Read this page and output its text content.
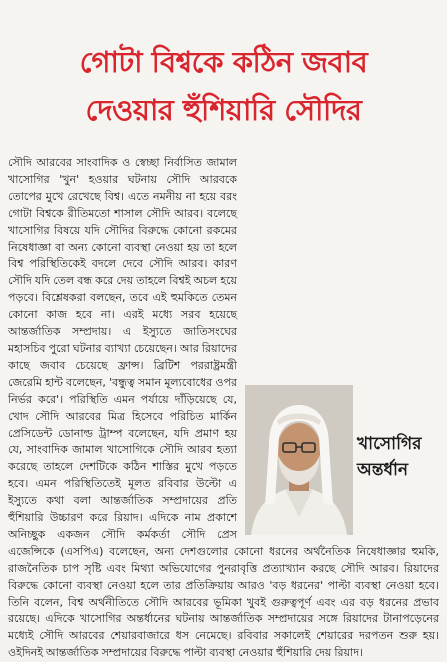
গোটা বিশ্বকে কঠিন জবাব
দেওয়ার হুঁশিয়ারি সৌদির
খাসোগির
অন্তর্ধান

সৌদি আরবের সাংবাদিক ও স্বেচ্ছা নির্বাসিত জামাল খাসোগির 'খুন' হওয়ার ঘটনায় সৌদি আরবকে তোপের মুখে রেখেছে বিশ্ব। এতে নমনীয় না হয়ে বরং গোটা বিশ্বকে রীতিমতো শাসাল সৌদি আরব। বলেছে খাসোগির বিষয়ে যদি সৌদির বিরুদ্ধে কোনো রকমের নিষেধাজ্ঞা বা অন্য কোনো ব্যবস্থা নেওয়া হয় তা হলে বিশ্ব পরিস্থিতিকেই বদলে দেবে সৌদি আরব। কারণ সৌদি যদি তেল বন্ধ করে দেয় তাহলে বিশ্বই অচল হয়ে পড়বে। বিশ্লেষকরা বলছেন, তবে এই হুমকিতে তেমন কোনো কাজ হবে না। এরই মধ্যে সরব হয়েছে আন্তর্জাতিক সম্প্রদায়। এ ইস্যুতে জাতিসংঘের মহাসচিব পুরো ঘটনার ব্যাখ্যা চেয়েছেন। আর রিয়াদের কাছে জবাব চেয়েছে ফ্রান্স। ব্রিটিশ পররাষ্ট্রমন্ত্রী জেরেমি হান্ট বলেছেন, 'বন্ধুত্ব সমান মূল্যবোধের ওপর নির্ভর করে'। পরিস্থিতি এমন পর্যায়ে দাঁড়িয়েছে যে, খোদ সৌদি আরবের মিত্র হিসেবে পরিচিত মার্কিন প্রেসিডেন্ট ডোনাল্ড ট্রাম্প বলেছেন, যদি প্রমাণ হয় যে, সাংবাদিক জামাল খাসোগিকে সৌদি আরব হত্যা করেছে তাহলে দেশটিকে কঠিন শাস্তির মুখে পড়তে হবে। এমন পরিস্থিতিতেই মূলত রবিবার উল্টো এ ইস্যুতে কথা বলা আন্তর্জাতিক সম্প্রদায়ের প্রতি হুঁশিয়ারি উচ্চারণ করে রিয়াদ। এদিকে নাম প্রকাশে অনিচ্ছুক একজন সৌদি কর্মকর্তা সৌদি প্রেস এজেন্সিকে (এসপিএ) বলেছেন, অন্য দেশগুলোর কোনো ধরনের অর্থনৈতিক নিষেধাজ্ঞার হুমকি, রাজনৈতিক চাপ সৃষ্টি এবং মিথ্যা অভিযোগের পুনরাবৃত্তি প্রত্যাখ্যান করছে সৌদি আরব। রিয়াদের বিরুদ্ধে কোনো ব্যবস্থা নেওয়া হলে তার প্রতিক্রিয়ায় আরও 'বড় ধরনের' পাল্টা ব্যবস্থা নেওয়া হবে। তিনি বলেন, বিশ্ব অর্থনীতিতে সৌদি আরবের ভূমিকা খুবই গুরুত্বপূর্ণ এবং এর বড় ধরনের প্রভাব রয়েছে। এদিকে খাসোগির অন্তর্ধানের ঘটনায় আন্তর্জাতিক সম্প্রদায়ের সঙ্গে রিয়াদের টানাপড়েনের মধ্যেই সৌদি আরবের শেয়ারবাজারে ধস নেমেছে। রবিবার সকালেই শেয়ারের দরপতন শুরু হয়। ওইদিনই আন্তর্জাতিক সম্প্রদায়ের বিরুদ্ধে পাল্টা ব্যবস্থা নেওয়ার হুঁশিয়ারি দেয় রিয়াদ।
